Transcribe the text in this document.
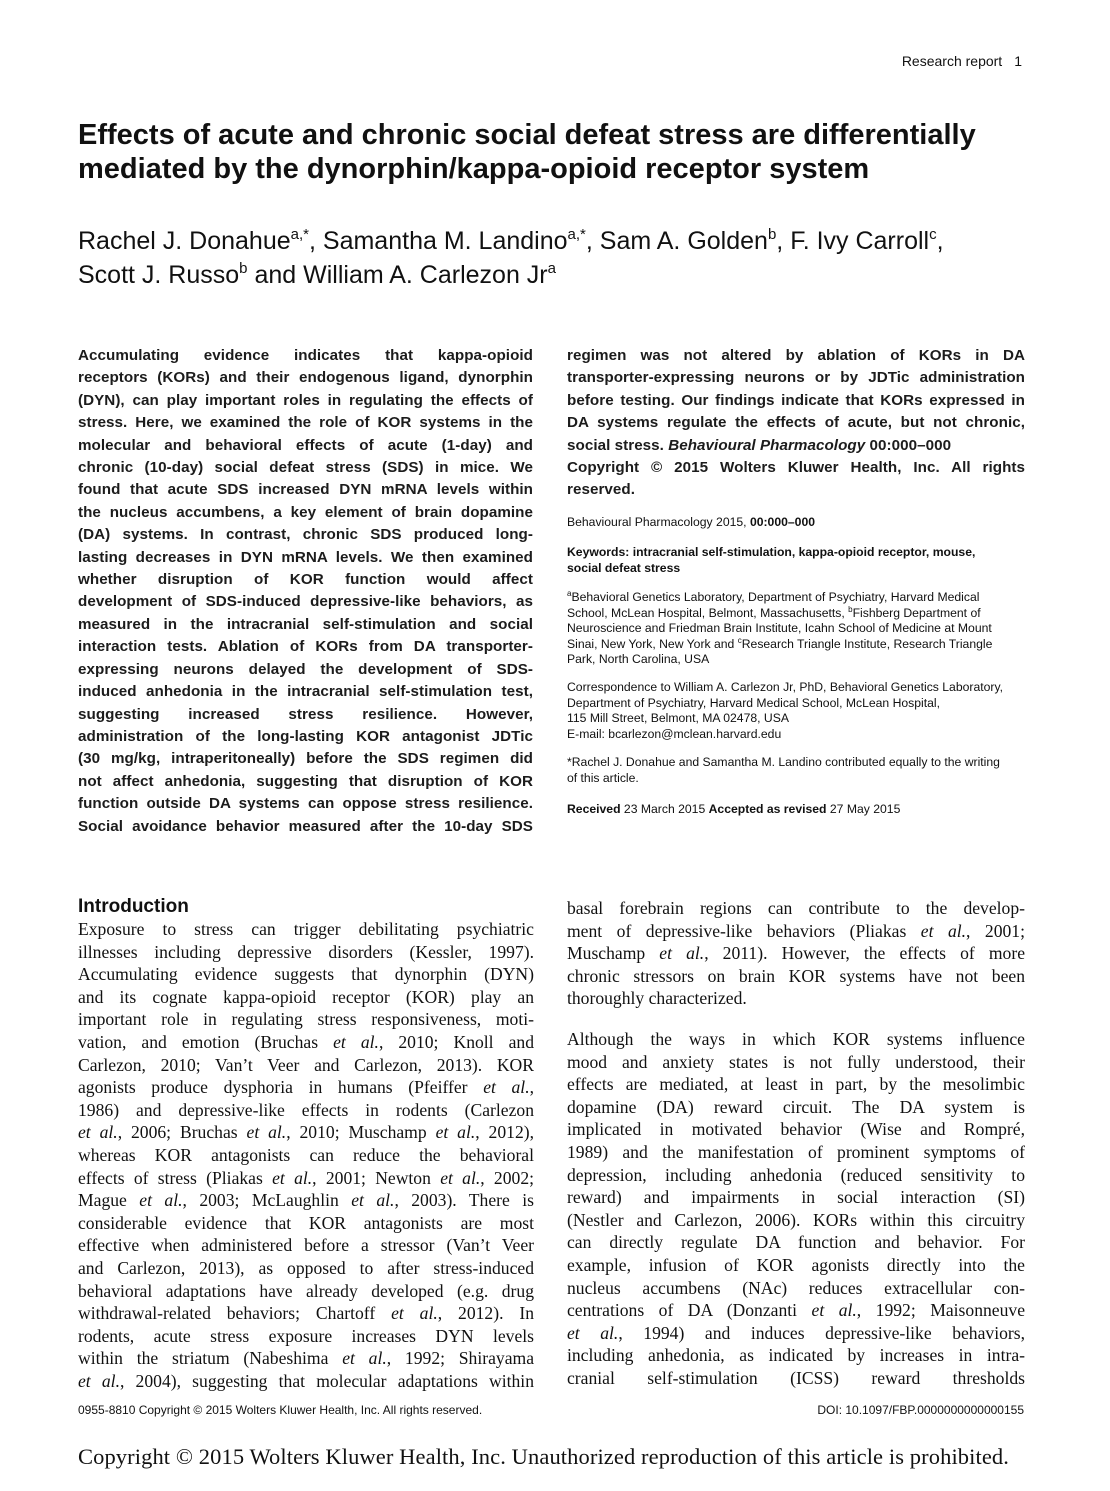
Research report 1
Effects of acute and chronic social defeat stress are differentially mediated by the dynorphin/kappa-opioid receptor system
Rachel J. Donahue$^{a,*}$, Samantha M. Landino$^{a,*}$, Sam A. Golden$^b$, F. Ivy Carroll$^c$,
Scott J. Russo$^b$ and William A. Carlezon Jr$^a$
Accumulating evidence indicates that kappa-opioid
receptors (KORs) and their endogenous ligand, dynorphin
(DYN), can play important roles in regulating the effects of
stress. Here, we examined the role of KOR systems in the
molecular and behavioral effects of acute (1-day) and
chronic (10-day) social defeat stress (SDS) in mice. We
found that acute SDS increased DYN mRNA levels within
the nucleus accumbens, a key element of brain dopamine
(DA) systems. In contrast, chronic SDS produced long-
lasting decreases in DYN mRNA levels. We then examined
whether disruption of KOR function would affect
development of SDS-induced depressive-like behaviors, as
measured in the intracranial self-stimulation and social
interaction tests. Ablation of KORs from DA transporter-
expressing neurons delayed the development of SDS-
induced anhedonia in the intracranial self-stimulation test,
suggesting increased stress resilience. However,
administration of the long-lasting KOR antagonist JDTic
(30 mg/kg, intraperitoneally) before the SDS regimen did
not affect anhedonia, suggesting that disruption of KOR
function outside DA systems can oppose stress resilience.
Social avoidance behavior measured after the 10-day SDS
regimen was not altered by ablation of KORs in DA
transporter-expressing neurons or by JDTic administration
before testing. Our findings indicate that KORs expressed in
DA systems regulate the effects of acute, but not chronic,
social stress. Behavioural Pharmacology 00:000–000
Copyright © 2015 Wolters Kluwer Health, Inc. All rights
reserved.
Behavioural Pharmacology 2015, 00:000–000
Keywords: intracranial self-stimulation, kappa-opioid receptor, mouse,
social defeat stress
$^a$Behavioral Genetics Laboratory, Department of Psychiatry, Harvard Medical
School, McLean Hospital, Belmont, Massachusetts, $^b$Fishberg Department of
Neuroscience and Friedman Brain Institute, Icahn School of Medicine at Mount
Sinai, New York, New York and $^c$Research Triangle Institute, Research Triangle
Park, North Carolina, USA
Correspondence to William A. Carlezon Jr, PhD, Behavioral Genetics Laboratory,
Department of Psychiatry, Harvard Medical School, McLean Hospital,
115 Mill Street, Belmont, MA 02478, USA
E-mail: bcarlezon@mclean.harvard.edu
*Rachel J. Donahue and Samantha M. Landino contributed equally to the writing
of this article.
Received 23 March 2015 Accepted as revised 27 May 2015
Introduction
Exposure to stress can trigger debilitating psychiatric
illnesses including depressive disorders (Kessler, 1997).
Accumulating evidence suggests that dynorphin (DYN)
and its cognate kappa-opioid receptor (KOR) play an
important role in regulating stress responsiveness, moti-
vation, and emotion (Bruchas et al., 2010; Knoll and
Carlezon, 2010; Van’t Veer and Carlezon, 2013). KOR
agonists produce dysphoria in humans (Pfeiffer et al.,
1986) and depressive-like effects in rodents (Carlezon
et al., 2006; Bruchas et al., 2010; Muschamp et al., 2012),
whereas KOR antagonists can reduce the behavioral
effects of stress (Pliakas et al., 2001; Newton et al., 2002;
Mague et al., 2003; McLaughlin et al., 2003). There is
considerable evidence that KOR antagonists are most
effective when administered before a stressor (Van’t Veer
and Carlezon, 2013), as opposed to after stress-induced
behavioral adaptations have already developed (e.g. drug
withdrawal-related behaviors; Chartoff et al., 2012). In
rodents, acute stress exposure increases DYN levels
within the striatum (Nabeshima et al., 1992; Shirayama
et al., 2004), suggesting that molecular adaptations within
basal forebrain regions can contribute to the develop-
ment of depressive-like behaviors (Pliakas et al., 2001;
Muschamp et al., 2011). However, the effects of more
chronic stressors on brain KOR systems have not been
thoroughly characterized.
Although the ways in which KOR systems influence
mood and anxiety states is not fully understood, their
effects are mediated, at least in part, by the mesolimbic
dopamine (DA) reward circuit. The DA system is
implicated in motivated behavior (Wise and Rompré,
1989) and the manifestation of prominent symptoms of
depression, including anhedonia (reduced sensitivity to
reward) and impairments in social interaction (SI)
(Nestler and Carlezon, 2006). KORs within this circuitry
can directly regulate DA function and behavior. For
example, infusion of KOR agonists directly into the
nucleus accumbens (NAc) reduces extracellular con-
centrations of DA (Donzanti et al., 1992; Maisonneuve
et al., 1994) and induces depressive-like behaviors,
including anhedonia, as indicated by increases in intra-
cranial self-stimulation (ICSS) reward thresholds
0955-8810 Copyright © 2015 Wolters Kluwer Health, Inc. All rights reserved.	DOI: 10.1097/FBP.0000000000000155
Copyright © 2015 Wolters Kluwer Health, Inc. Unauthorized reproduction of this article is prohibited.
